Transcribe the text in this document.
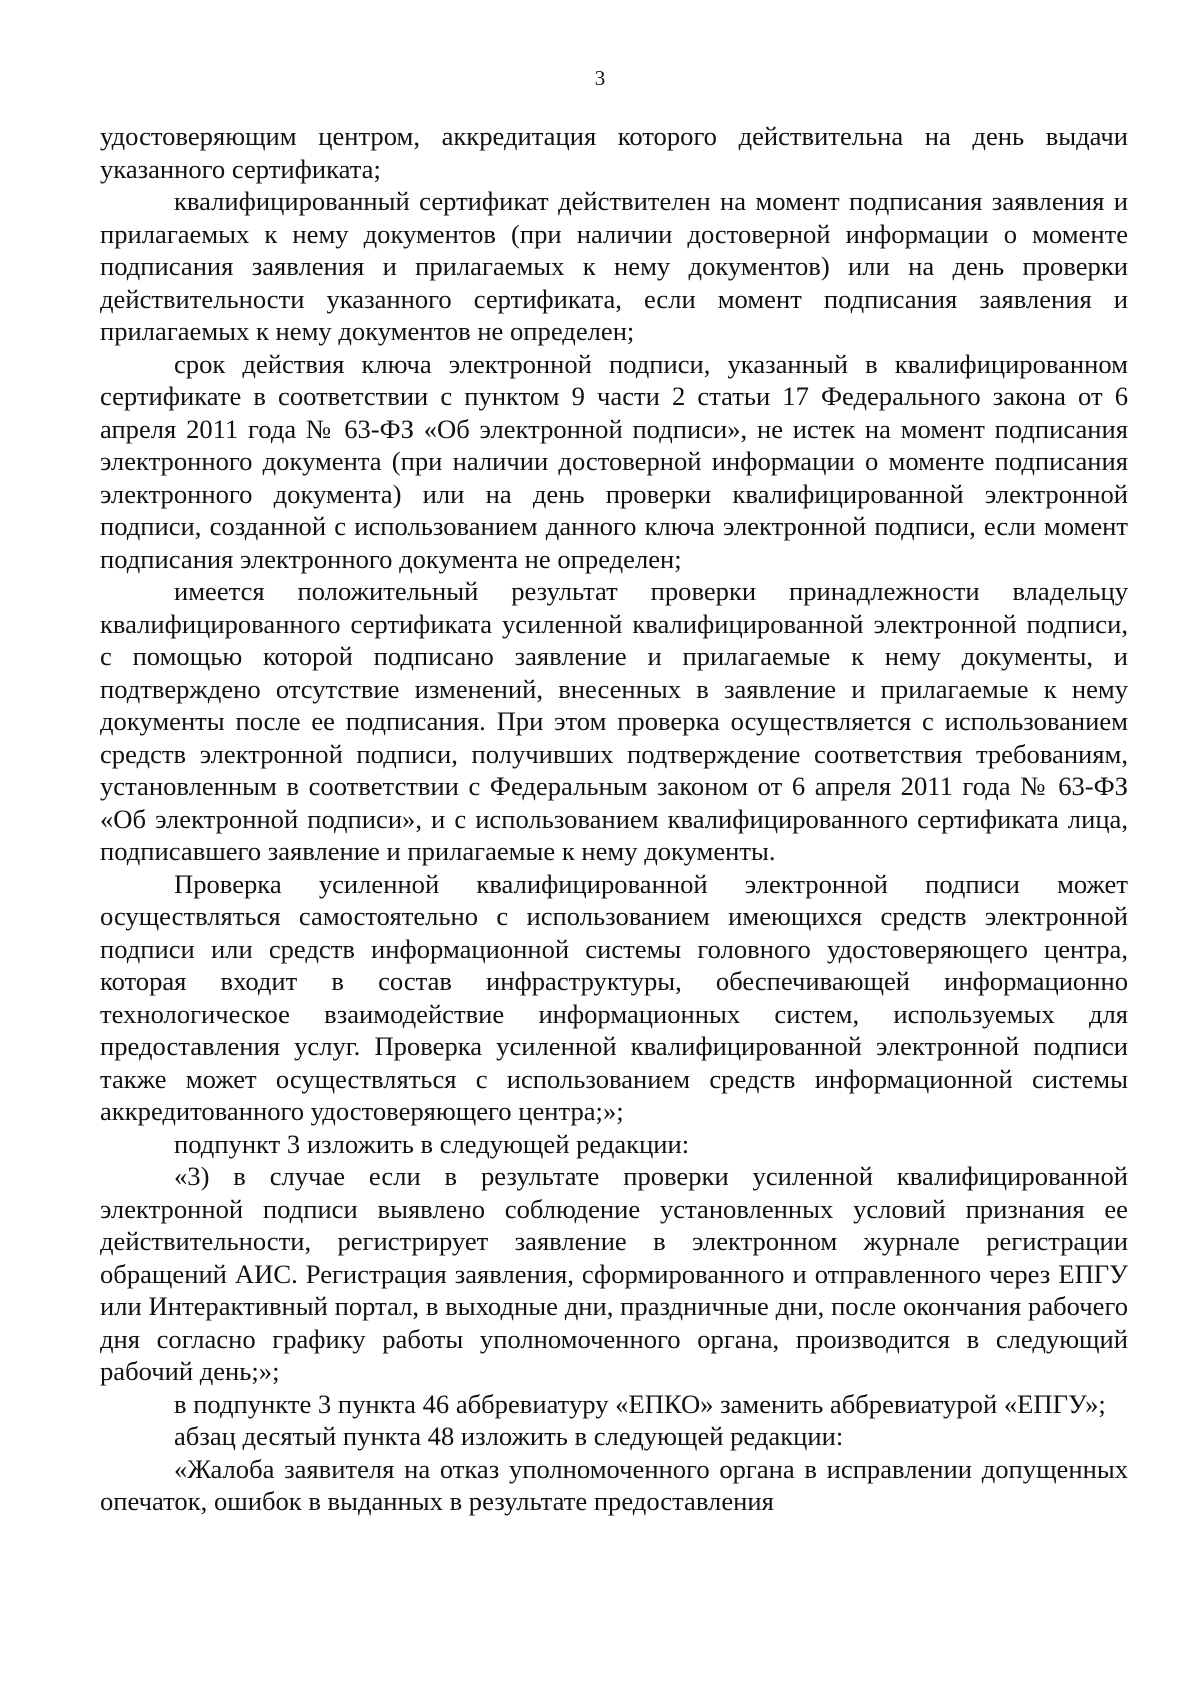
3

удостоверяющим центром, аккредитация которого действительна на день выдачи указанного сертификата;

квалифицированный сертификат действителен на момент подписания заявления и прилагаемых к нему документов (при наличии достоверной информации о моменте подписания заявления и прилагаемых к нему документов) или на день проверки действительности указанного сертификата, если момент подписания заявления и прилагаемых к нему документов не определен;

срок действия ключа электронной подписи, указанный в квалифицированном сертификате в соответствии с пунктом 9 части 2 статьи 17 Федерального закона от 6 апреля 2011 года № 63-ФЗ «Об электронной подписи», не истек на момент подписания электронного документа (при наличии достоверной информации о моменте подписания электронного документа) или на день проверки квалифицированной электронной подписи, созданной с использованием данного ключа электронной подписи, если момент подписания электронного документа не определен;

имеется положительный результат проверки принадлежности владельцу квалифицированного сертификата усиленной квалифицированной электронной подписи, с помощью которой подписано заявление и прилагаемые к нему документы, и подтверждено отсутствие изменений, внесенных в заявление и прилагаемые к нему документы после ее подписания. При этом проверка осуществляется с использованием средств электронной подписи, получивших подтверждение соответствия требованиям, установленным в соответствии с Федеральным законом от 6 апреля 2011 года № 63-ФЗ «Об электронной подписи», и с использованием квалифицированного сертификата лица, подписавшего заявление и прилагаемые к нему документы.

Проверка усиленной квалифицированной электронной подписи может осуществляться самостоятельно с использованием имеющихся средств электронной подписи или средств информационной системы головного удостоверяющего центра, которая входит в состав инфраструктуры, обеспечивающей информационно технологическое взаимодействие информационных систем, используемых для предоставления услуг. Проверка усиленной квалифицированной электронной подписи также может осуществляться с использованием средств информационной системы аккредитованного удостоверяющего центра;»;

подпункт 3 изложить в следующей редакции:

«3) в случае если в результате проверки усиленной квалифицированной электронной подписи выявлено соблюдение установленных условий признания ее действительности, регистрирует заявление в электронном журнале регистрации обращений АИС. Регистрация заявления, сформированного и отправленного через ЕПГУ или Интерактивный портал, в выходные дни, праздничные дни, после окончания рабочего дня согласно графику работы уполномоченного органа, производится в следующий рабочий день;»;

в подпункте 3 пункта 46 аббревиатуру «ЕПКО» заменить аббревиатурой «ЕПГУ»;

абзац десятый пункта 48 изложить в следующей редакции:

«Жалоба заявителя на отказ уполномоченного органа в исправлении допущенных опечаток, ошибок в выданных в результате предоставления
